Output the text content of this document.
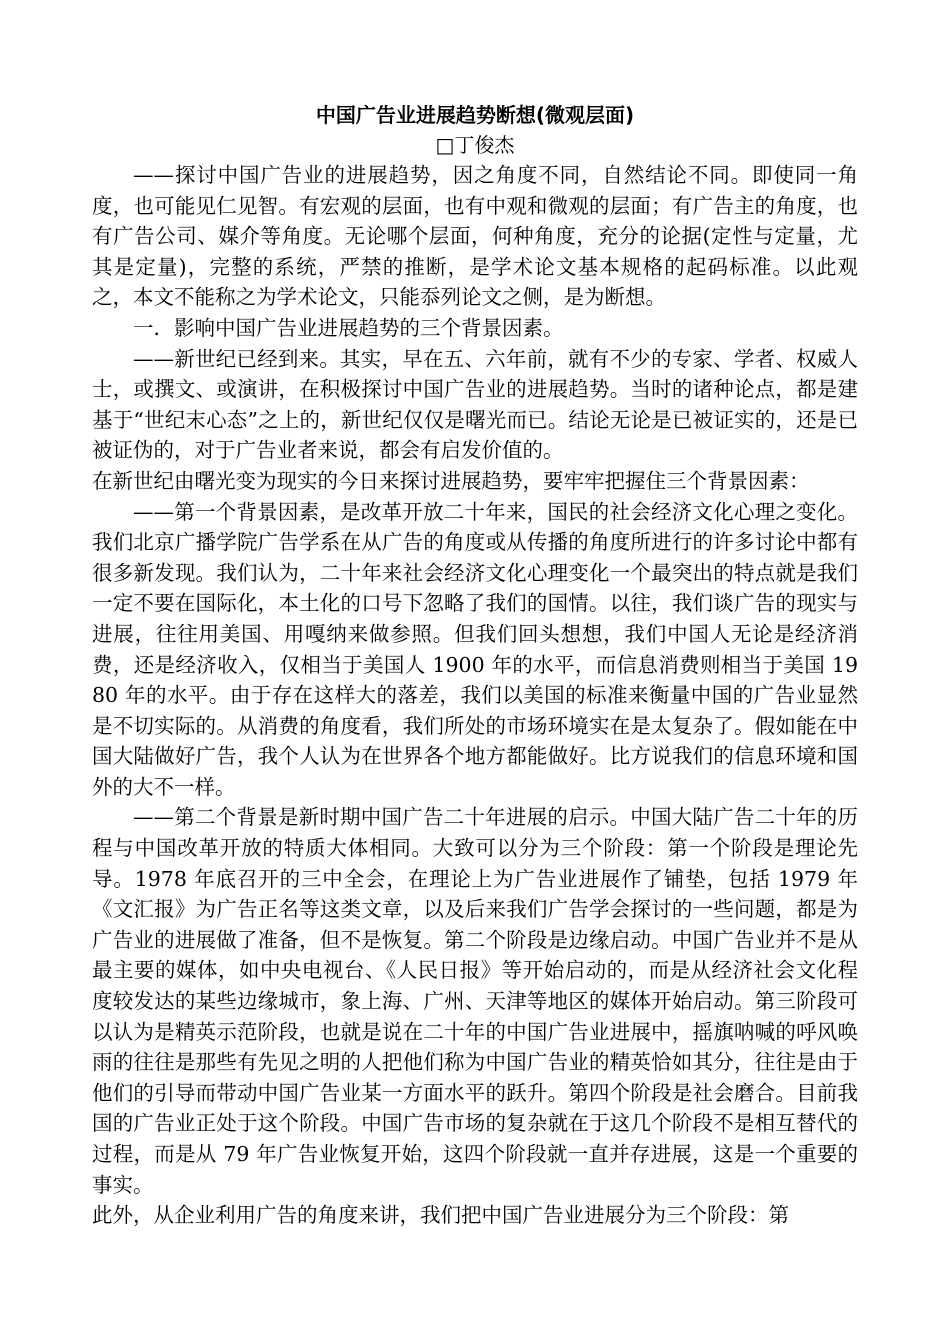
中国广告业进展趋势断想(微观层面)
□丁俊杰

——探讨中国广告业的进展趋势，因之角度不同，自然结论不同。即使同一角度，也可能见仁见智。有宏观的层面，也有中观和微观的层面；有广告主的角度，也有广告公司、媒介等角度。无论哪个层面，何种角度，充分的论据(定性与定量，尤其是定量)，完整的系统，严禁的推断，是学术论文基本规格的起码标准。以此观之，本文不能称之为学术论文，只能忝列论文之侧，是为断想。

一．影响中国广告业进展趋势的三个背景因素。

——新世纪已经到来。其实，早在五、六年前，就有不少的专家、学者、权威人士，或撰文、或演讲，在积极探讨中国广告业的进展趋势。当时的诸种论点，都是建基于“世纪末心态”之上的，新世纪仅仅是曙光而已。结论无论是已被证实的，还是已被证伪的，对于广告业者来说，都会有启发价值的。

在新世纪由曙光变为现实的今日来探讨进展趋势，要牢牢把握住三个背景因素：

——第一个背景因素，是改革开放二十年来，国民的社会经济文化心理之变化。我们北京广播学院广告学系在从广告的角度或从传播的角度所进行的许多讨论中都有很多新发现。我们认为，二十年来社会经济文化心理变化一个最突出的特点就是我们一定不要在国际化，本土化的口号下忽略了我们的国情。以往，我们谈广告的现实与进展，往往用美国、用嘎纳来做参照。但我们回头想想，我们中国人无论是经济消费，还是经济收入，仅相当于美国人 1900 年的水平，而信息消费则相当于美国 1980 年的水平。由于存在这样大的落差，我们以美国的标准来衡量中国的广告业显然是不切实际的。从消费的角度看，我们所处的市场环境实在是太复杂了。假如能在中国大陆做好广告，我个人认为在世界各个地方都能做好。比方说我们的信息环境和国外的大不一样。

——第二个背景是新时期中国广告二十年进展的启示。中国大陆广告二十年的历程与中国改革开放的特质大体相同。大致可以分为三个阶段：第一个阶段是理论先导。1978 年底召开的三中全会，在理论上为广告业进展作了铺垫，包括 1979 年《文汇报》为广告正名等这类文章，以及后来我们广告学会探讨的一些问题，都是为广告业的进展做了准备，但不是恢复。第二个阶段是边缘启动。中国广告业并不是从最主要的媒体，如中央电视台、《人民日报》等开始启动的，而是从经济社会文化程度较发达的某些边缘城市，象上海、广州、天津等地区的媒体开始启动。第三阶段可以认为是精英示范阶段，也就是说在二十年的中国广告业进展中，摇旗呐喊的呼风唤雨的往往是那些有先见之明的人把他们称为中国广告业的精英恰如其分，往往是由于他们的引导而带动中国广告业某一方面水平的跃升。第四个阶段是社会磨合。目前我国的广告业正处于这个阶段。中国广告市场的复杂就在于这几个阶段不是相互替代的过程，而是从 79 年广告业恢复开始，这四个阶段就一直并存进展，这是一个重要的事实。

此外，从企业利用广告的角度来讲，我们把中国广告业进展分为三个阶段：第
